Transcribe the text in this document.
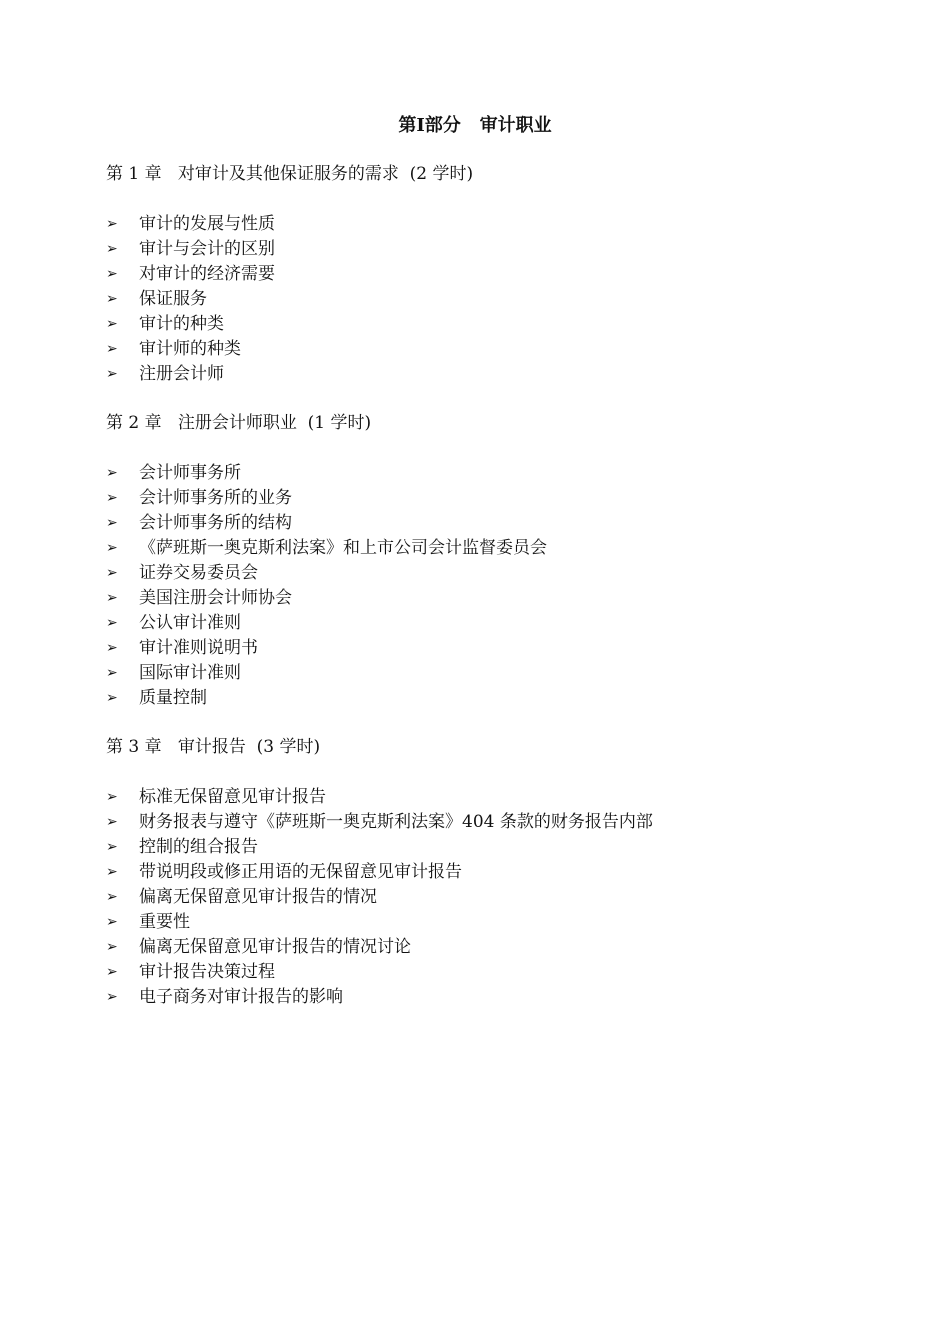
第Ⅰ部分   审计职业
第 1 章   对审计及其他保证服务的需求  (2 学时)
➢	审计的发展与性质
➢	审计与会计的区别
➢	对审计的经济需要
➢	保证服务
➢	审计的种类
➢	审计师的种类
➢	注册会计师
第 2 章   注册会计师职业  (1 学时)
➢	会计师事务所
➢	会计师事务所的业务
➢	会计师事务所的结构
➢	《萨班斯一奥克斯利法案》和上市公司会计监督委员会
➢	证券交易委员会
➢	美国注册会计师协会
➢	公认审计准则
➢	审计准则说明书
➢	国际审计准则
➢	质量控制
第 3 章   审计报告  (3 学时)
➢	标准无保留意见审计报告
➢	财务报表与遵守《萨班斯一奥克斯利法案》404 条款的财务报告内部
➢	控制的组合报告
➢	带说明段或修正用语的无保留意见审计报告
➢	偏离无保留意见审计报告的情况
➢	重要性
➢	偏离无保留意见审计报告的情况讨论
➢	审计报告决策过程
➢	电子商务对审计报告的影响
